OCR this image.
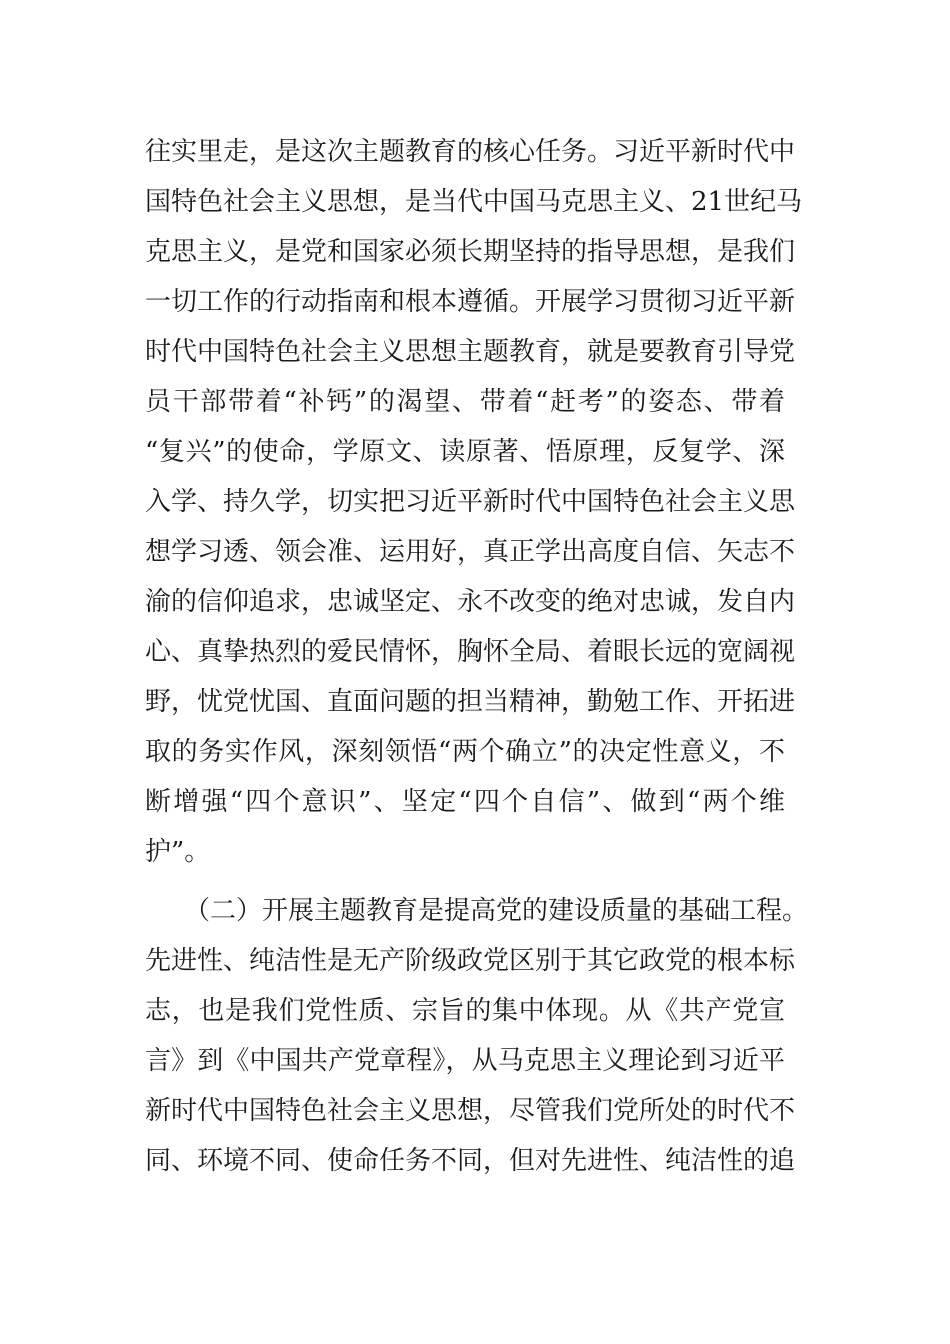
往实里走，是这次主题教育的核心任务。习近平新时代中
国特色社会主义思想，是当代中国马克思主义、21世纪马
克思主义，是党和国家必须长期坚持的指导思想，是我们
一切工作的行动指南和根本遵循。开展学习贯彻习近平新
时代中国特色社会主义思想主题教育，就是要教育引导党
员干部带着“补钙”的渴望、带着“赶考”的姿态、带着
“复兴”的使命，学原文、读原著、悟原理，反复学、深
入学、持久学，切实把习近平新时代中国特色社会主义思
想学习透、领会准、运用好，真正学出高度自信、矢志不
渝的信仰追求，忠诚坚定、永不改变的绝对忠诚，发自内
心、真挚热烈的爱民情怀，胸怀全局、着眼长远的宽阔视
野，忧党忧国、直面问题的担当精神，勤勉工作、开拓进
取的务实作风，深刻领悟“两个确立”的决定性意义，不
断增强“四个意识”、坚定“四个自信”、做到“两个维
护”。
　　（二）开展主题教育是提高党的建设质量的基础工程。
先进性、纯洁性是无产阶级政党区别于其它政党的根本标
志，也是我们党性质、宗旨的集中体现。从《共产党宣
言》到《中国共产党章程》，从马克思主义理论到习近平
新时代中国特色社会主义思想，尽管我们党所处的时代不
同、环境不同、使命任务不同，但对先进性、纯洁性的追
